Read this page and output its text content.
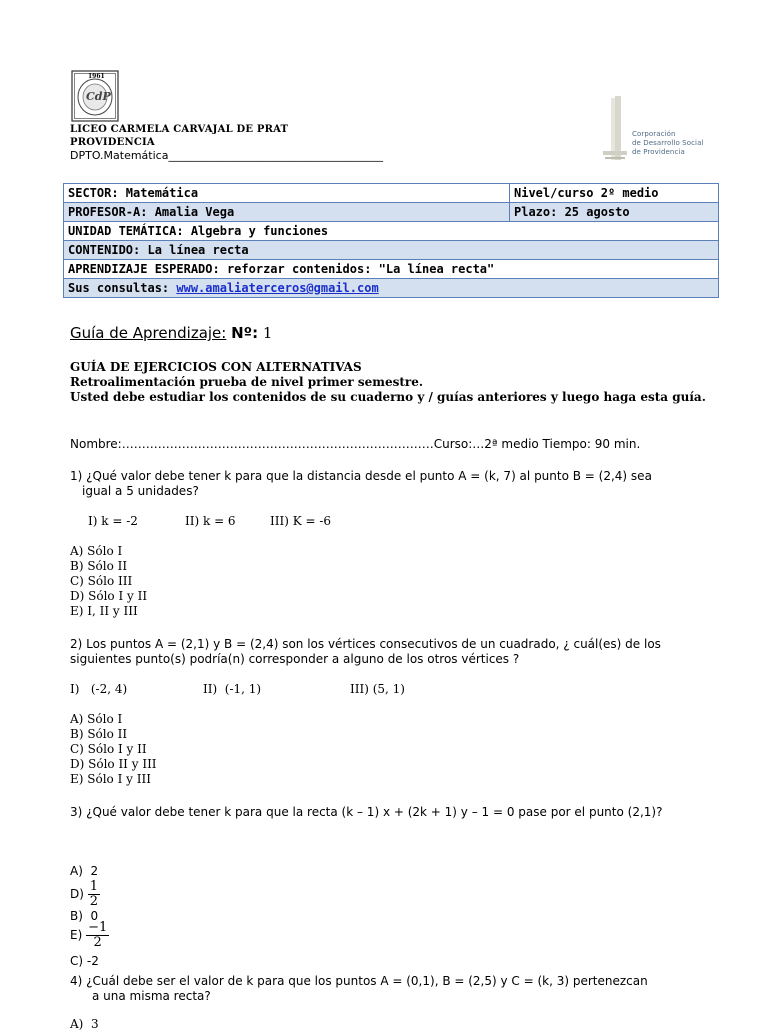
1961
CdP
LICEO CARMELA CARVAJAL DE PRAT
PROVIDENCIA
DPTO.Matemática_______________________________________
Corporación
de Desarrollo Social
de Providencia
SECTOR: Matemática	Nivel/curso 2º medio
PROFESOR-A: Amalia Vega	Plazo: 25 agosto
UNIDAD TEMÁTICA: Algebra y funciones	
CONTENIDO: La línea recta	
APRENDIZAJE ESPERADO: reforzar contenidos: "La línea recta"	
Sus consultas: www.amaliaterceros@gmail.com	
Guía de Aprendizaje: Nº: 1
GUÍA DE EJERCICIOS CON ALTERNATIVAS
Retroalimentación prueba de nivel primer semestre.
Usted debe estudiar los contenidos de su cuaderno y / guías anteriores y luego haga esta guía.
Nombre:……………………………………………………………………Curso:…2ª medio Tiempo: 90 min.
1) ¿Qué valor debe tener k para que la distancia desde el punto A = (k, 7) al punto B = (2,4) sea
igual a 5 unidades?
I) k = -2	II) k = 6	III) K = -6
A) Sólo I
B) Sólo II
C) Sólo III
D) Sólo I y II
E) I, II y III
2) Los puntos A = (2,1) y B = (2,4) son los vértices consecutivos de un cuadrado, ¿ cuál(es) de los
siguientes punto(s) podría(n) corresponder a alguno de los otros vértices ?
I)   (-2, 4)	II)  (-1, 1)	III) (5, 1)
A) Sólo I
B) Sólo II
C) Sólo I y II
D) Sólo II y III
E) Sólo I y III
3) ¿Qué valor debe tener k para que la recta (k – 1) x + (2k + 1) y – 1 = 0 pase por el punto (2,1)?

A)  2

B)  0

C) -2

$D) \frac{1}{2}$
$E) \frac{-1}{2}$
4) ¿Cuál debe ser el valor de k para que los puntos A = (0,1), B = (2,5) y C = (k, 3) pertenezcan
a una misma recta?
A)  3
